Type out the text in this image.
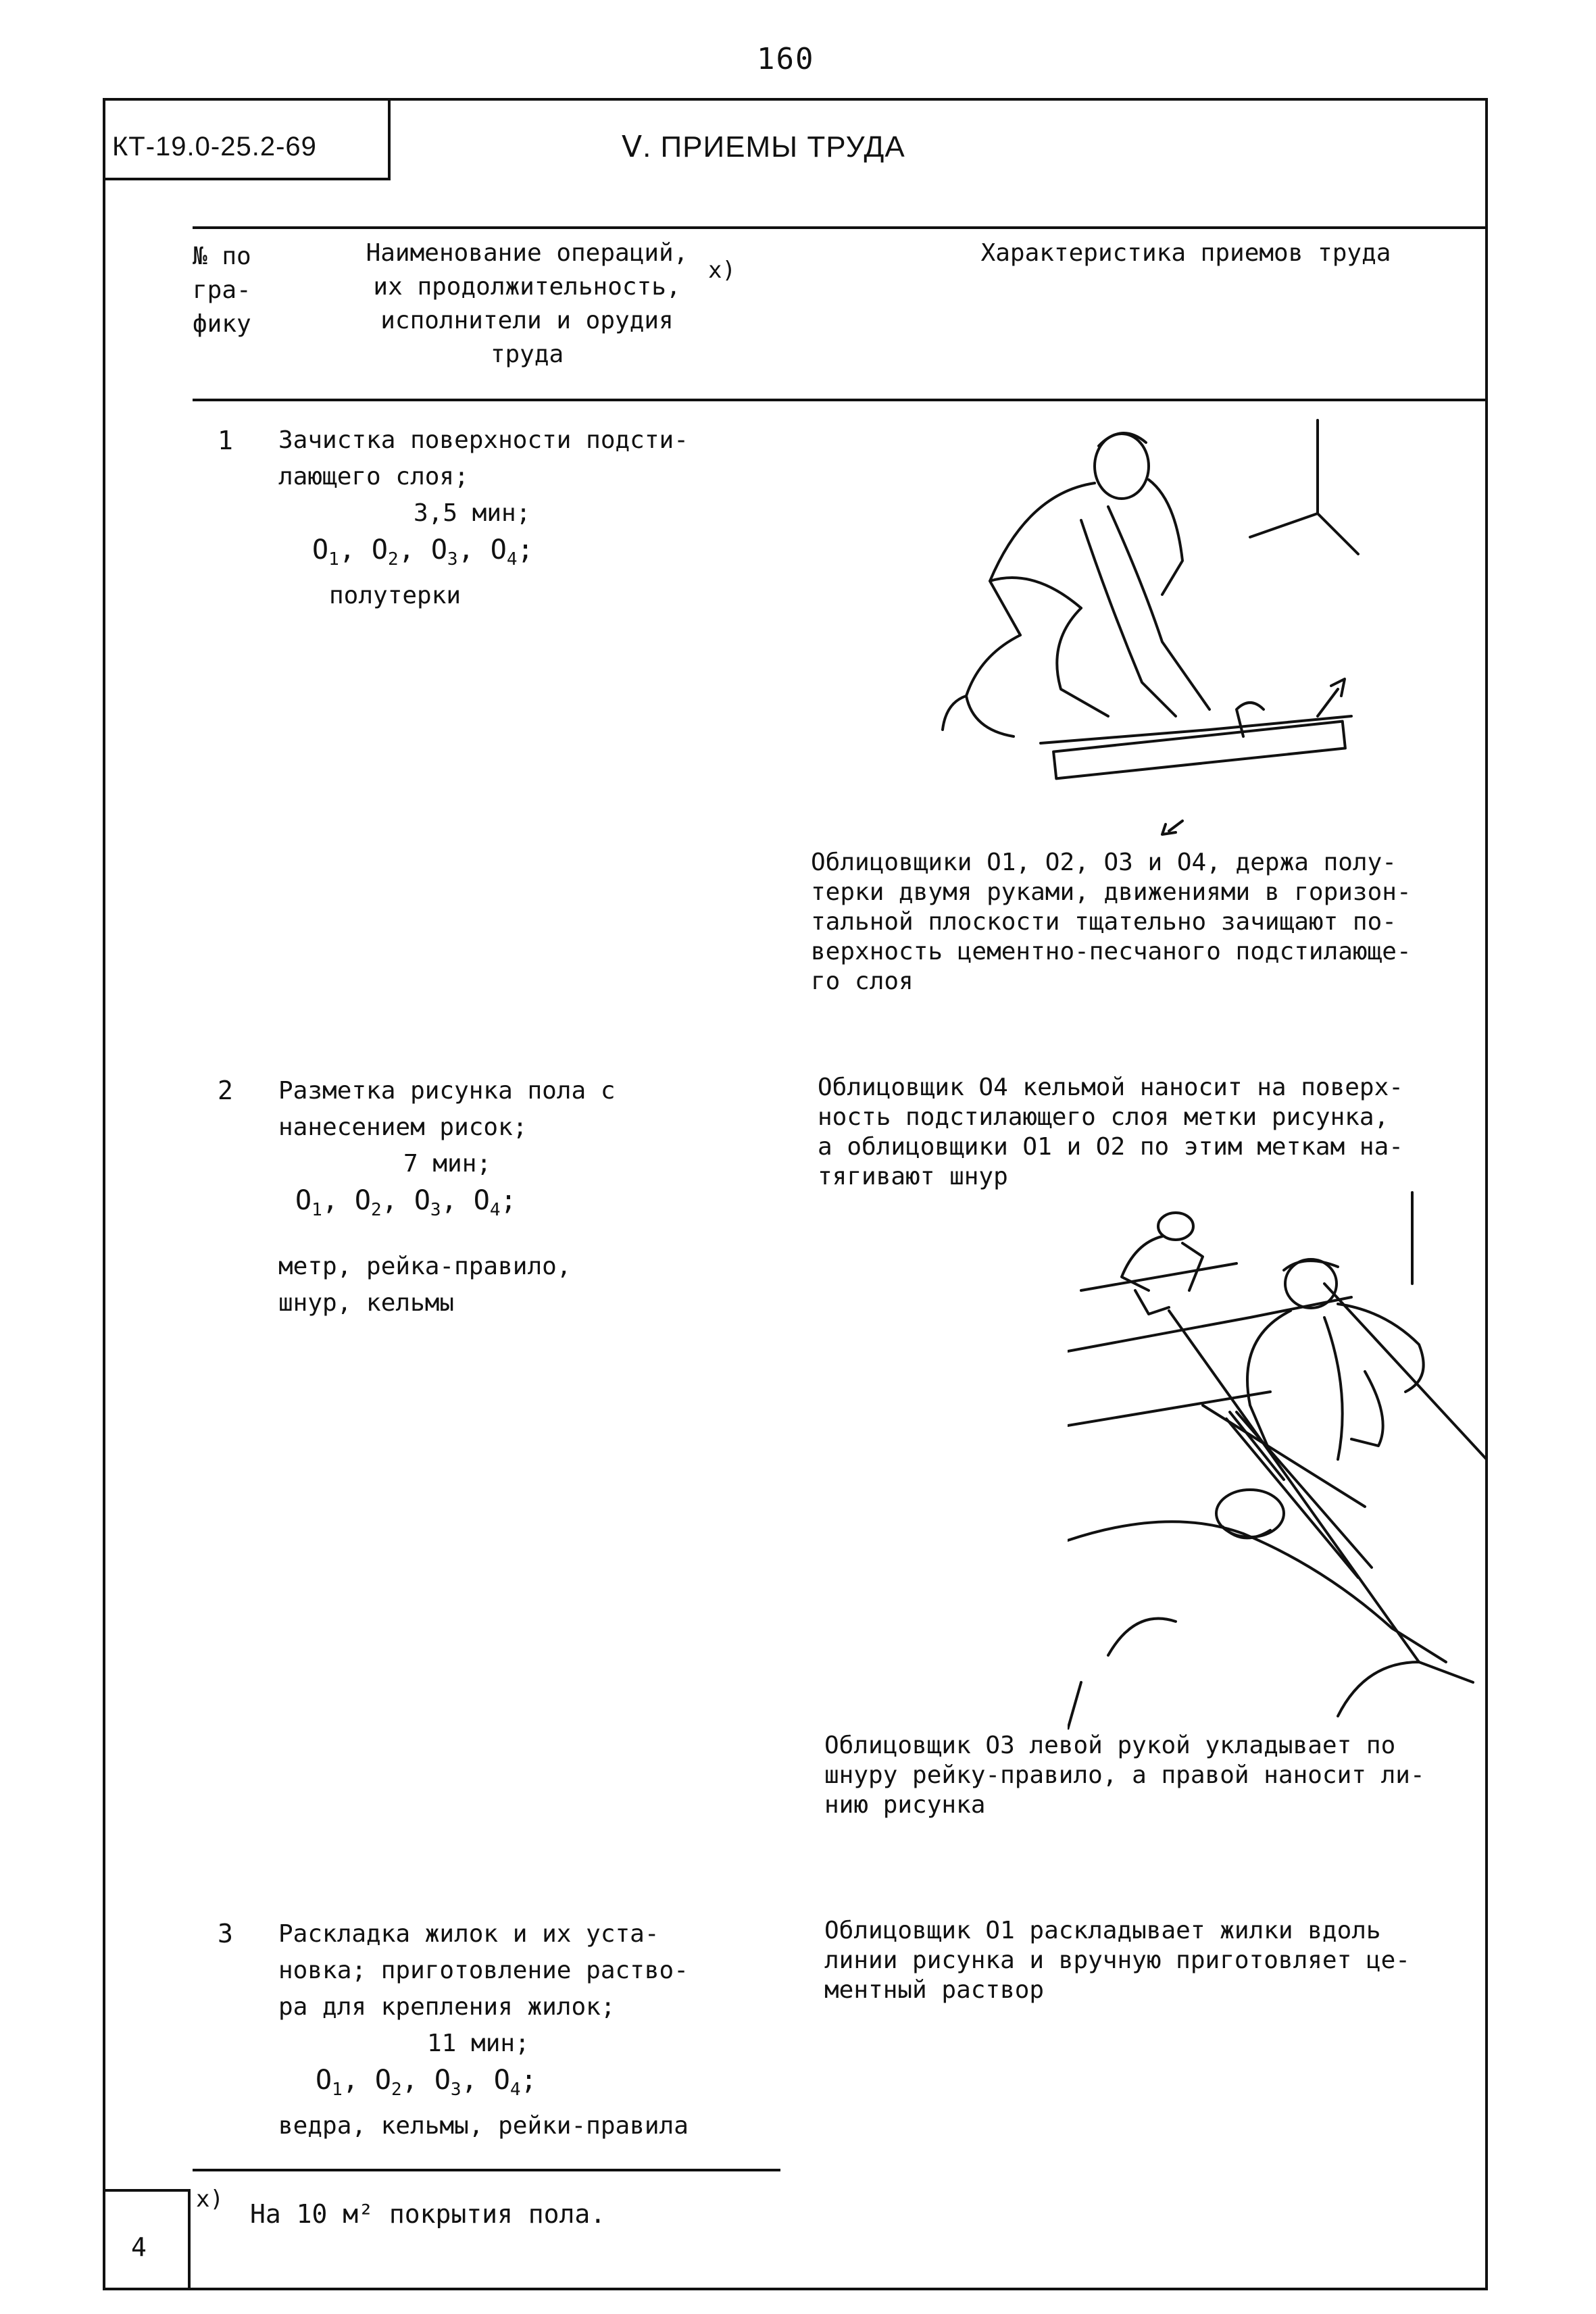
160
КТ-19.0-25.2-69	Ⅴ. ПРИЕМЫ ТРУДА
№ по
гра-
фику
Наименование операций,
их продолжительность,
исполнители и орудия
труда
x)
Характеристика приемов труда
1 Зачистка поверхности подсти-
лающего слоя;
3,5 мин;
$O_1$, $O_2$, $O_3$, $O_4$;
полутерки
Облицовщики O1, O2, O3 и O4, держа полу-
терки двумя руками, движениями в горизон-
тальной плоскости тщательно зачищают по-
верхность цементно-песчаного подстилающе-
го слоя
2 Разметка рисунка пола с
нанесением рисок;
7 мин;
$O_1$, $O_2$, $O_3$, $O_4$;
метр, рейка-правило,
шнур, кельмы
Облицовщик O4 кельмой наносит на поверх-
ность подстилающего слоя метки рисунка,
а облицовщики O1 и O2 по этим меткам на-
тягивают шнур
Облицовщик O3 левой рукой укладывает по
шнуру рейку-правило, а правой наносит ли-
нию рисунка
3 Раскладка жилок и их уста-
новка; приготовление раство-
ра для крепления жилок;
11 мин;
$O_1$, $O_2$, $O_3$, $O_4$;
ведра, кельмы, рейки-правила
Облицовщик O1 раскладывает жилки вдоль
линии рисунка и вручную приготовляет це-
ментный раствор
x) На 10 м² покрытия пола.
4
